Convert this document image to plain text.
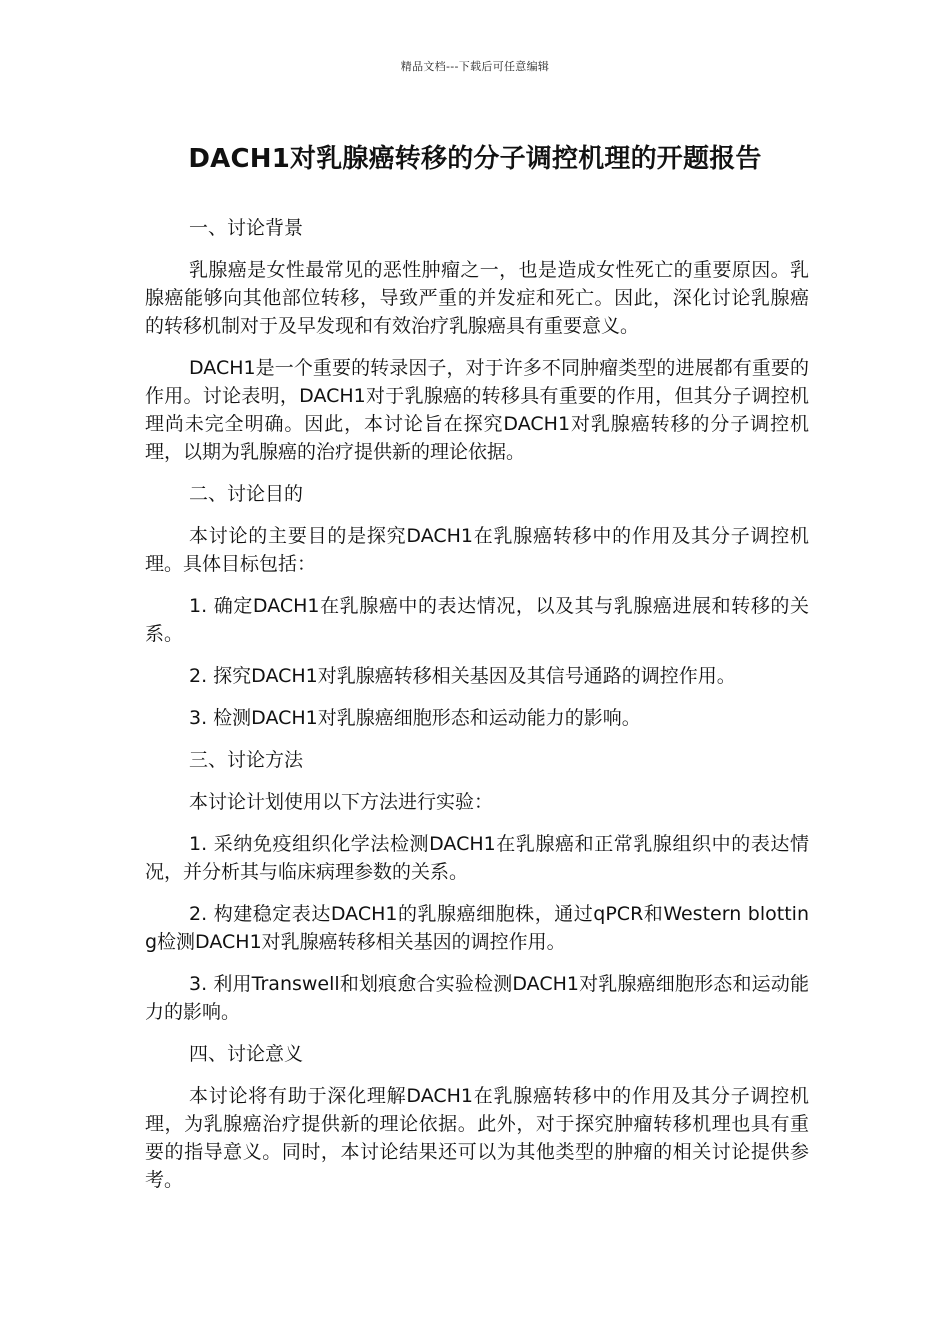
精品文档---下载后可任意编辑
DACH1对乳腺癌转移的分子调控机理的开题报告
一、讨论背景

乳腺癌是女性最常见的恶性肿瘤之一，也是造成女性死亡的重要原因。乳腺癌能够向其他部位转移，导致严重的并发症和死亡。因此，深化讨论乳腺癌的转移机制对于及早发现和有效治疗乳腺癌具有重要意义。

DACH1是一个重要的转录因子，对于许多不同肿瘤类型的进展都有重要的作用。讨论表明，DACH1对于乳腺癌的转移具有重要的作用，但其分子调控机理尚未完全明确。因此，本讨论旨在探究DACH1对乳腺癌转移的分子调控机理，以期为乳腺癌的治疗提供新的理论依据。

二、讨论目的

本讨论的主要目的是探究DACH1在乳腺癌转移中的作用及其分子调控机理。具体目标包括：

1. 确定DACH1在乳腺癌中的表达情况，以及其与乳腺癌进展和转移的关系。

2. 探究DACH1对乳腺癌转移相关基因及其信号通路的调控作用。

3. 检测DACH1对乳腺癌细胞形态和运动能力的影响。

三、讨论方法

本讨论计划使用以下方法进行实验：

1. 采纳免疫组织化学法检测DACH1在乳腺癌和正常乳腺组织中的表达情况，并分析其与临床病理参数的关系。

2. 构建稳定表达DACH1的乳腺癌细胞株，通过qPCR和Western blotting检测DACH1对乳腺癌转移相关基因的调控作用。

3. 利用Transwell和划痕愈合实验检测DACH1对乳腺癌细胞形态和运动能力的影响。

四、讨论意义

本讨论将有助于深化理解DACH1在乳腺癌转移中的作用及其分子调控机理，为乳腺癌治疗提供新的理论依据。此外，对于探究肿瘤转移机理也具有重要的指导意义。同时，本讨论结果还可以为其他类型的肿瘤的相关讨论提供参考。
